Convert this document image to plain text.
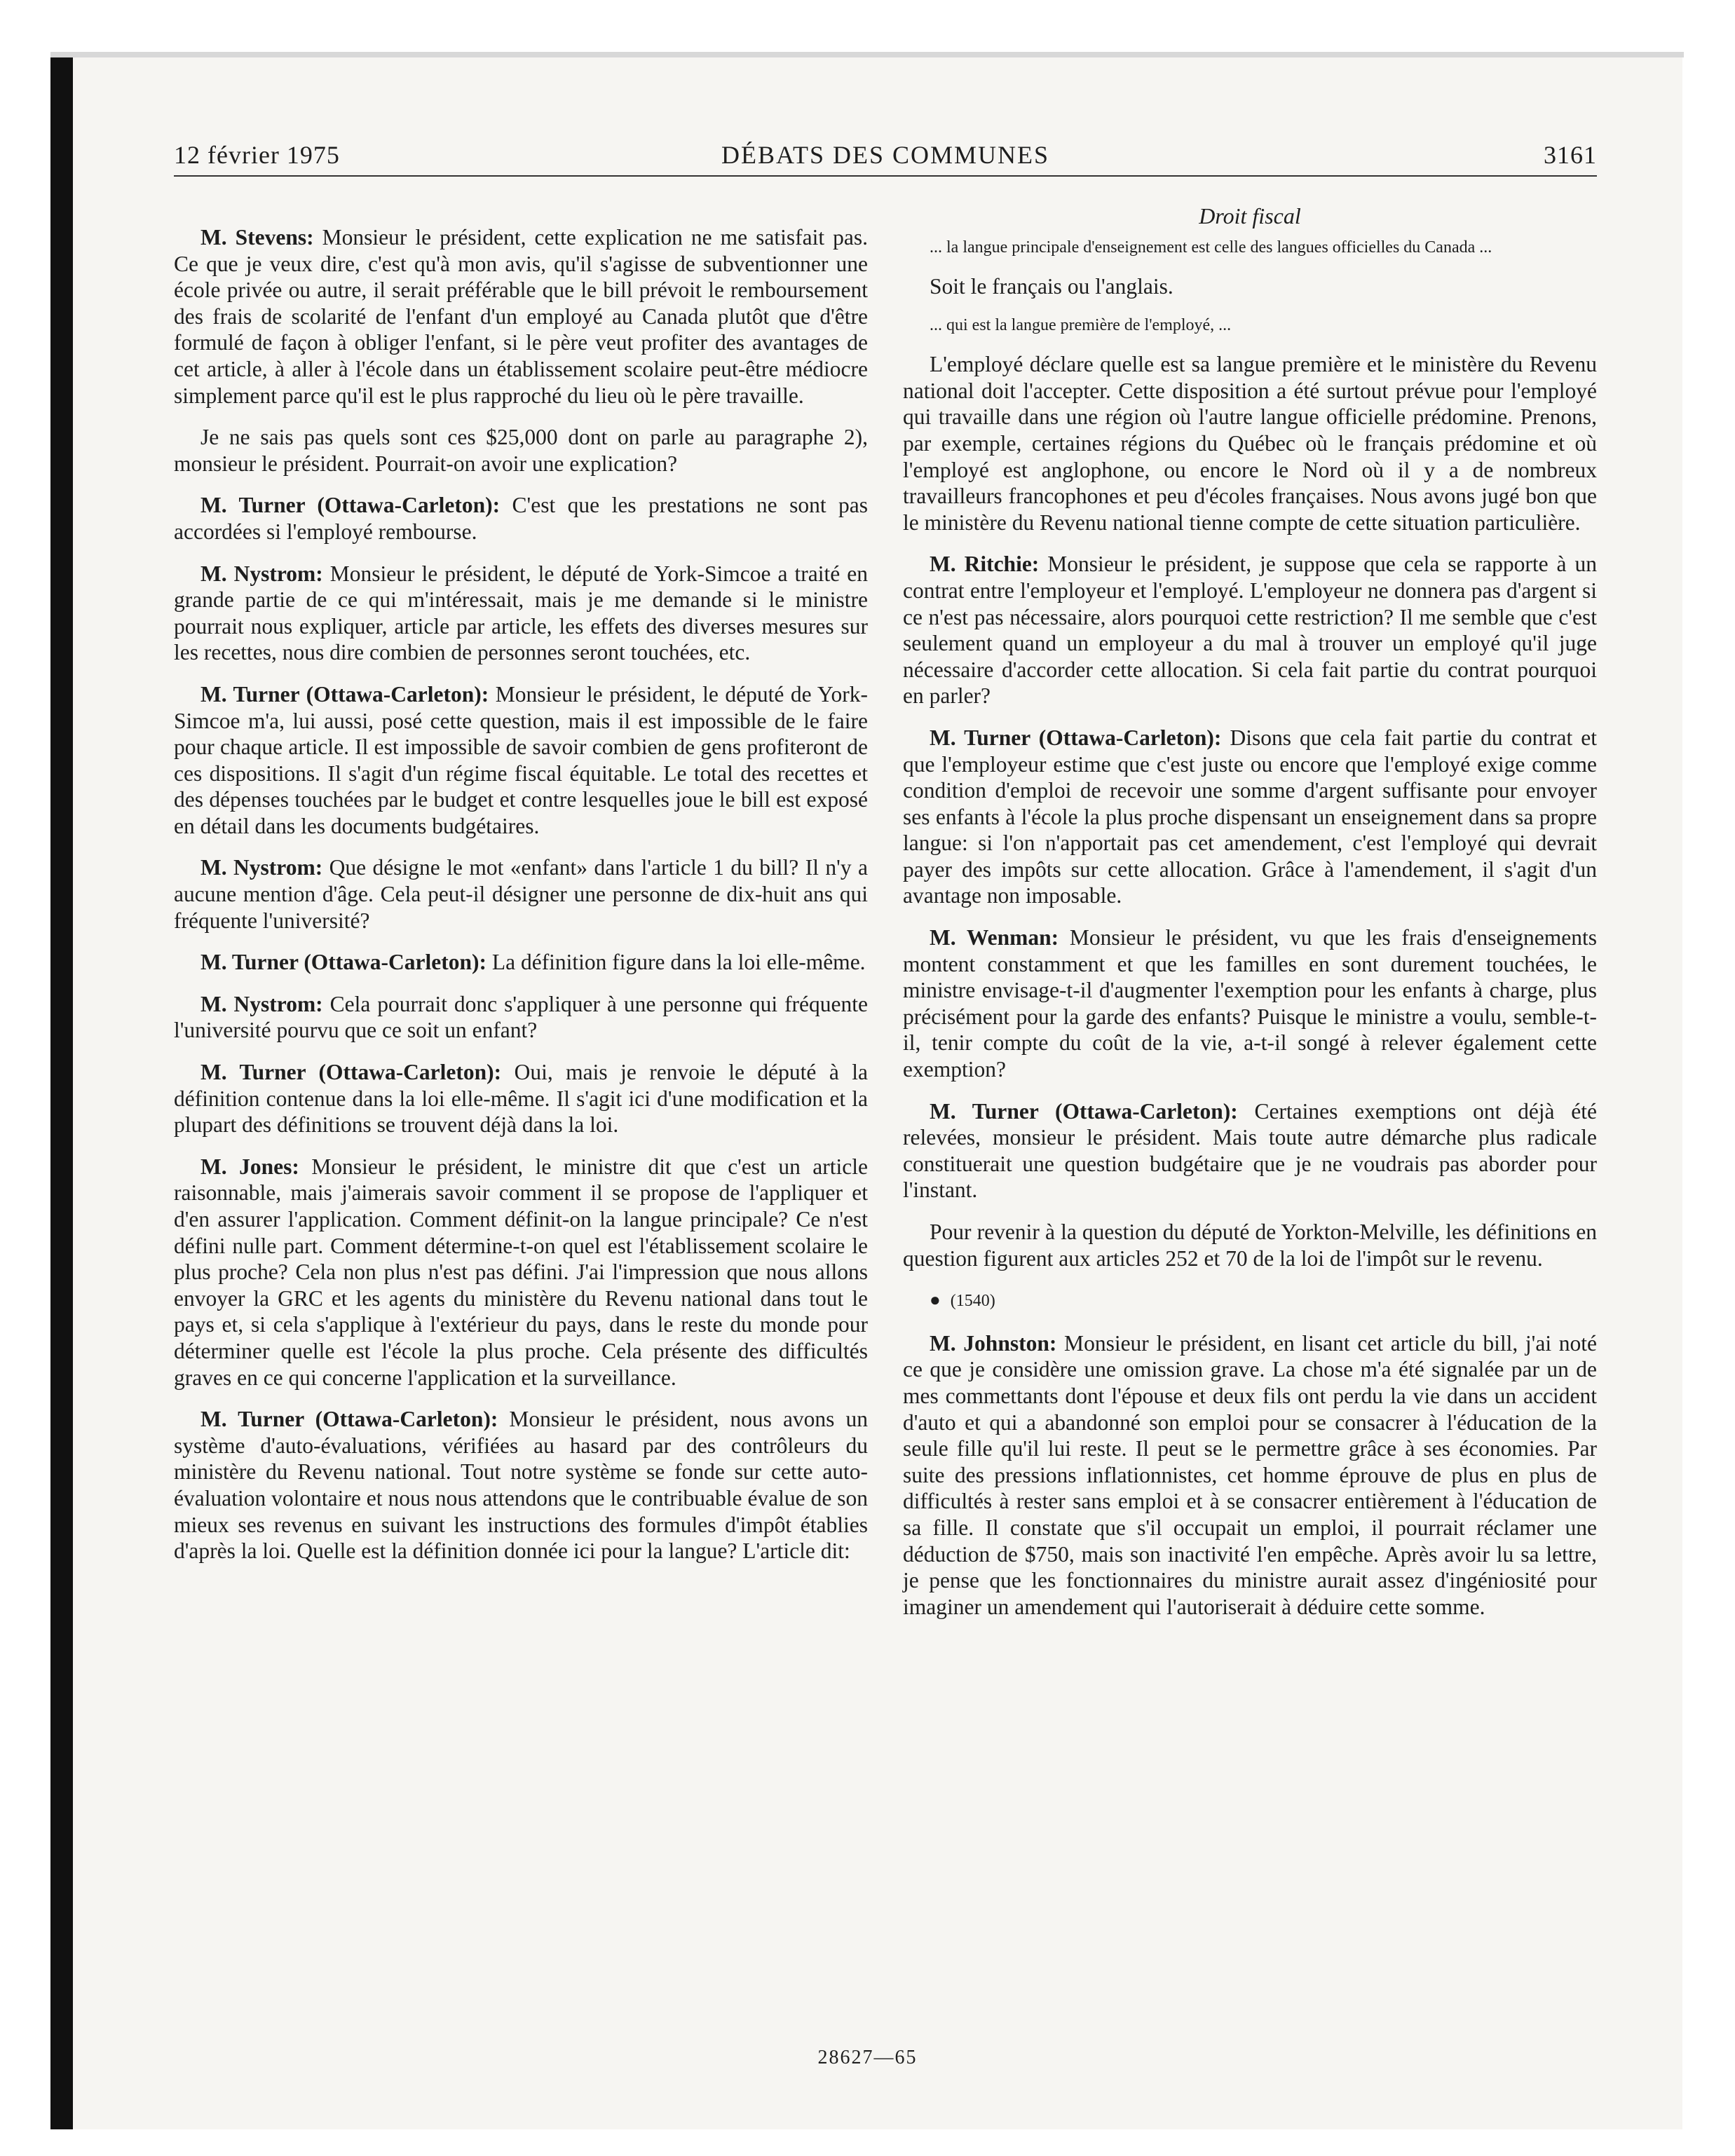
12 février 1975	DÉBATS DES COMMUNES	3161

M. Stevens: Monsieur le président, cette explication ne me satisfait pas. Ce que je veux dire, c'est qu'à mon avis, qu'il s'agisse de subventionner une école privée ou autre, il serait préférable que le bill prévoit le remboursement des frais de scolarité de l'enfant d'un employé au Canada plutôt que d'être formulé de façon à obliger l'enfant, si le père veut profiter des avantages de cet article, à aller à l'école dans un établissement scolaire peut-être médiocre simplement parce qu'il est le plus rapproché du lieu où le père travaille.

Je ne sais pas quels sont ces $25,000 dont on parle au paragraphe 2), monsieur le président. Pourrait-on avoir une explication?

M. Turner (Ottawa-Carleton): C'est que les prestations ne sont pas accordées si l'employé rembourse.

M. Nystrom: Monsieur le président, le député de York-Simcoe a traité en grande partie de ce qui m'intéressait, mais je me demande si le ministre pourrait nous expliquer, article par article, les effets des diverses mesures sur les recettes, nous dire combien de personnes seront touchées, etc.

M. Turner (Ottawa-Carleton): Monsieur le président, le député de York-Simcoe m'a, lui aussi, posé cette question, mais il est impossible de le faire pour chaque article. Il est impossible de savoir combien de gens profiteront de ces dispositions. Il s'agit d'un régime fiscal équitable. Le total des recettes et des dépenses touchées par le budget et contre lesquelles joue le bill est exposé en détail dans les documents budgétaires.

M. Nystrom: Que désigne le mot «enfant» dans l'article 1 du bill? Il n'y a aucune mention d'âge. Cela peut-il désigner une personne de dix-huit ans qui fréquente l'université?

M. Turner (Ottawa-Carleton): La définition figure dans la loi elle-même.

M. Nystrom: Cela pourrait donc s'appliquer à une personne qui fréquente l'université pourvu que ce soit un enfant?

M. Turner (Ottawa-Carleton): Oui, mais je renvoie le député à la définition contenue dans la loi elle-même. Il s'agit ici d'une modification et la plupart des définitions se trouvent déjà dans la loi.

M. Jones: Monsieur le président, le ministre dit que c'est un article raisonnable, mais j'aimerais savoir comment il se propose de l'appliquer et d'en assurer l'application. Comment définit-on la langue principale? Ce n'est défini nulle part. Comment détermine-t-on quel est l'établissement scolaire le plus proche? Cela non plus n'est pas défini. J'ai l'impression que nous allons envoyer la GRC et les agents du ministère du Revenu national dans tout le pays et, si cela s'applique à l'extérieur du pays, dans le reste du monde pour déterminer quelle est l'école la plus proche. Cela présente des difficultés graves en ce qui concerne l'application et la surveillance.

M. Turner (Ottawa-Carleton): Monsieur le président, nous avons un système d'auto-évaluations, vérifiées au hasard par des contrôleurs du ministère du Revenu national. Tout notre système se fonde sur cette auto-évaluation volontaire et nous nous attendons que le contribuable évalue de son mieux ses revenus en suivant les instructions des formules d'impôt établies d'après la loi. Quelle est la définition donnée ici pour la langue? L'article dit:

Droit fiscal

... la langue principale d'enseignement est celle des langues officielles du Canada ...

Soit le français ou l'anglais.

... qui est la langue première de l'employé, ...

L'employé déclare quelle est sa langue première et le ministère du Revenu national doit l'accepter. Cette disposition a été surtout prévue pour l'employé qui travaille dans une région où l'autre langue officielle prédomine. Prenons, par exemple, certaines régions du Québec où le français prédomine et où l'employé est anglophone, ou encore le Nord où il y a de nombreux travailleurs francophones et peu d'écoles françaises. Nous avons jugé bon que le ministère du Revenu national tienne compte de cette situation particulière.

M. Ritchie: Monsieur le président, je suppose que cela se rapporte à un contrat entre l'employeur et l'employé. L'employeur ne donnera pas d'argent si ce n'est pas nécessaire, alors pourquoi cette restriction? Il me semble que c'est seulement quand un employeur a du mal à trouver un employé qu'il juge nécessaire d'accorder cette allocation. Si cela fait partie du contrat pourquoi en parler?

M. Turner (Ottawa-Carleton): Disons que cela fait partie du contrat et que l'employeur estime que c'est juste ou encore que l'employé exige comme condition d'emploi de recevoir une somme d'argent suffisante pour envoyer ses enfants à l'école la plus proche dispensant un enseignement dans sa propre langue: si l'on n'apportait pas cet amendement, c'est l'employé qui devrait payer des impôts sur cette allocation. Grâce à l'amendement, il s'agit d'un avantage non imposable.

M. Wenman: Monsieur le président, vu que les frais d'enseignements montent constamment et que les familles en sont durement touchées, le ministre envisage-t-il d'augmenter l'exemption pour les enfants à charge, plus précisément pour la garde des enfants? Puisque le ministre a voulu, semble-t-il, tenir compte du coût de la vie, a-t-il songé à relever également cette exemption?

M. Turner (Ottawa-Carleton): Certaines exemptions ont déjà été relevées, monsieur le président. Mais toute autre démarche plus radicale constituerait une question budgétaire que je ne voudrais pas aborder pour l'instant.

Pour revenir à la question du député de Yorkton-Melville, les définitions en question figurent aux articles 252 et 70 de la loi de l'impôt sur le revenu.

● (1540)

M. Johnston: Monsieur le président, en lisant cet article du bill, j'ai noté ce que je considère une omission grave. La chose m'a été signalée par un de mes commettants dont l'épouse et deux fils ont perdu la vie dans un accident d'auto et qui a abandonné son emploi pour se consacrer à l'éducation de la seule fille qu'il lui reste. Il peut se le permettre grâce à ses économies. Par suite des pressions inflationnistes, cet homme éprouve de plus en plus de difficultés à rester sans emploi et à se consacrer entièrement à l'éducation de sa fille. Il constate que s'il occupait un emploi, il pourrait réclamer une déduction de $750, mais son inactivité l'en empêche. Après avoir lu sa lettre, je pense que les fonctionnaires du ministre aurait assez d'ingéniosité pour imaginer un amendement qui l'autoriserait à déduire cette somme.

28627—65
